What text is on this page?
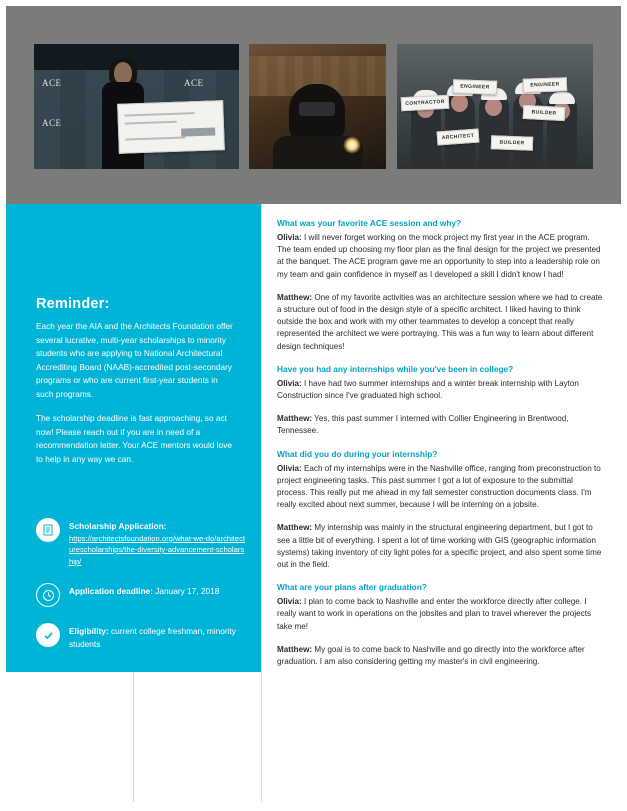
ACE
ACE
ACE
CONTRACTOR
ENGINEER	ENGINEER
BUILDER
ARCHITECT
BUILDER
Reminder:

Each year the AIA and the Architects Foundation offer several lucrative, multi-year scholarships to minority students who are applying to National Architectural Accrediting Board (NAAB)-accredited post-secondary programs or who are current first-year students in such programs.

The scholarship deadline is fast approaching, so act now! Please reach out if you are in need of a recommendation letter. Your ACE mentors would love to help in any way we can.

Scholarship Application:
https://architectsfoundation.org/what-we-do/architecturescholarships/the-diversity-advancement-scholarship/
Application deadline: January 17, 2018
Eligibility: current college freshman, minority students

What was your favorite ACE session and why?

Olivia: I will never forget working on the mock project my first year in the ACE program. The team ended up choosing my floor plan as the final design for the project we presented at the banquet. The ACE program gave me an opportunity to step into a leadership role on my team and gain confidence in myself as I developed a skill I didn't know I had!

Matthew: One of my favorite activities was an architecture session where we had to create a structure out of food in the design style of a specific architect. I liked having to think outside the box and work with my other teammates to develop a concept that really represented the architect we were portraying. This was a fun way to learn about different design techniques!

Have you had any internships while you've been in college?

Olivia: I have had two summer internships and a winter break internship with Layton Construction since I've graduated high school.

Matthew: Yes, this past summer I interned with Collier Engineering in Brentwood, Tennessee.

What did you do during your internship?

Olivia: Each of my internships were in the Nashville office, ranging from preconstruction to project engineering tasks. This past summer I got a lot of exposure to the submittal process. This really put me ahead in my fall semester construction documents class. I'm really excited about next summer, because I will be interning on a jobsite.

Matthew: My internship was mainly in the structural engineering department, but I got to see a little bit of everything. I spent a lot of time working with GIS (geographic information systems) taking inventory of city light poles for a specific project, and also spent some time out in the field.

What are your plans after graduation?

Olivia: I plan to come back to Nashville and enter the workforce directly after college. I really want to work in operations on the jobsites and plan to travel wherever the projects take me!

Matthew: My goal is to come back to Nashville and go directly into the workforce after graduation. I am also considering getting my master's in civil engineering.
